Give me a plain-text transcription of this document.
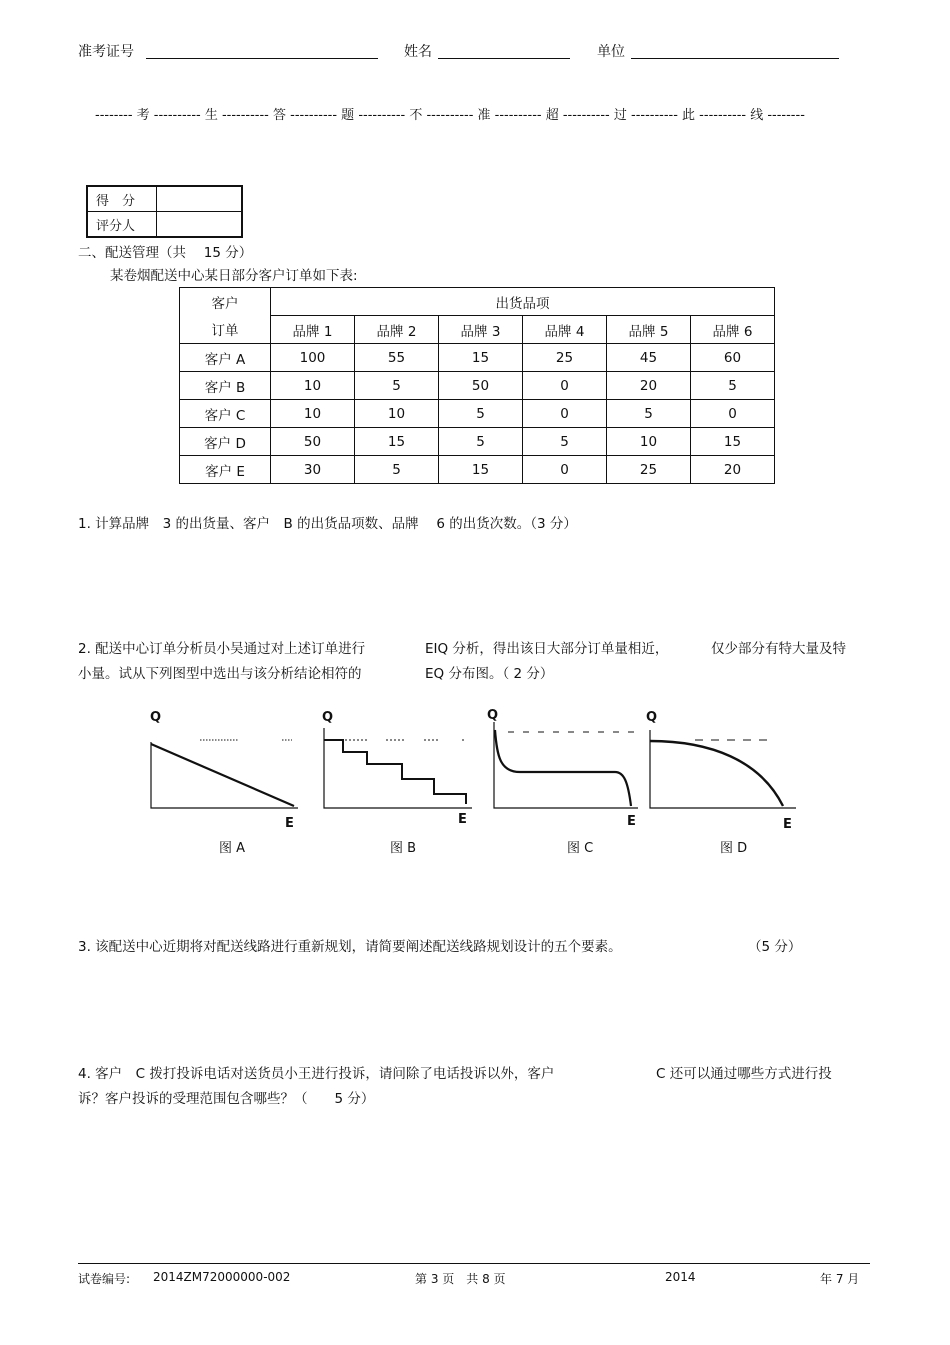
准考证号	姓名	单位
-------- 考 ---------- 生 ---------- 答 ---------- 题 ---------- 不 ---------- 准 ---------- 超 ---------- 过 ---------- 此 ---------- 线 --------
得　分	
评分人	
二、配送管理（共　 15 分）
某卷烟配送中心某日部分客户订单如下表:
客户	出货品项					
订单	品牌 1	品牌 2	品牌 3	品牌 4	品牌 5	品牌 6
客户 A	100	55	15	25	45	60
客户 B	10	5	50	0	20	5
客户 C	10	10	5	0	5	0
客户 D	50	15	5	5	10	15
客户 E	30	5	15	0	25	20
1. 计算品牌　3 的出货量、客户　B 的出货品项数、品牌　 6 的出货次数。（3 分）
2. 配送中心订单分析员小吴通过对上述订单进行	EIQ 分析，得出该日大部分订单量相近，	仅少部分有特大量及特
小量。试从下列图型中选出与该分析结论相符的	EQ 分布图。（ 2 分）
Q
E
Q
E
Q
E
Q
E
图 A	图 B	图 C	图 D
3. 该配送中心近期将对配送线路进行重新规划，请简要阐述配送线路规划设计的五个要素。	（5 分）
4. 客户　C 拨打投诉电话对送货员小王进行投诉，请问除了电话投诉以外，客户	C 还可以通过哪些方式进行投
诉？客户投诉的受理范围包含哪些？（　　5 分）
试卷编号: 2014ZM72000000-002	第 3 页　共 8 页	2014	年 7 月
